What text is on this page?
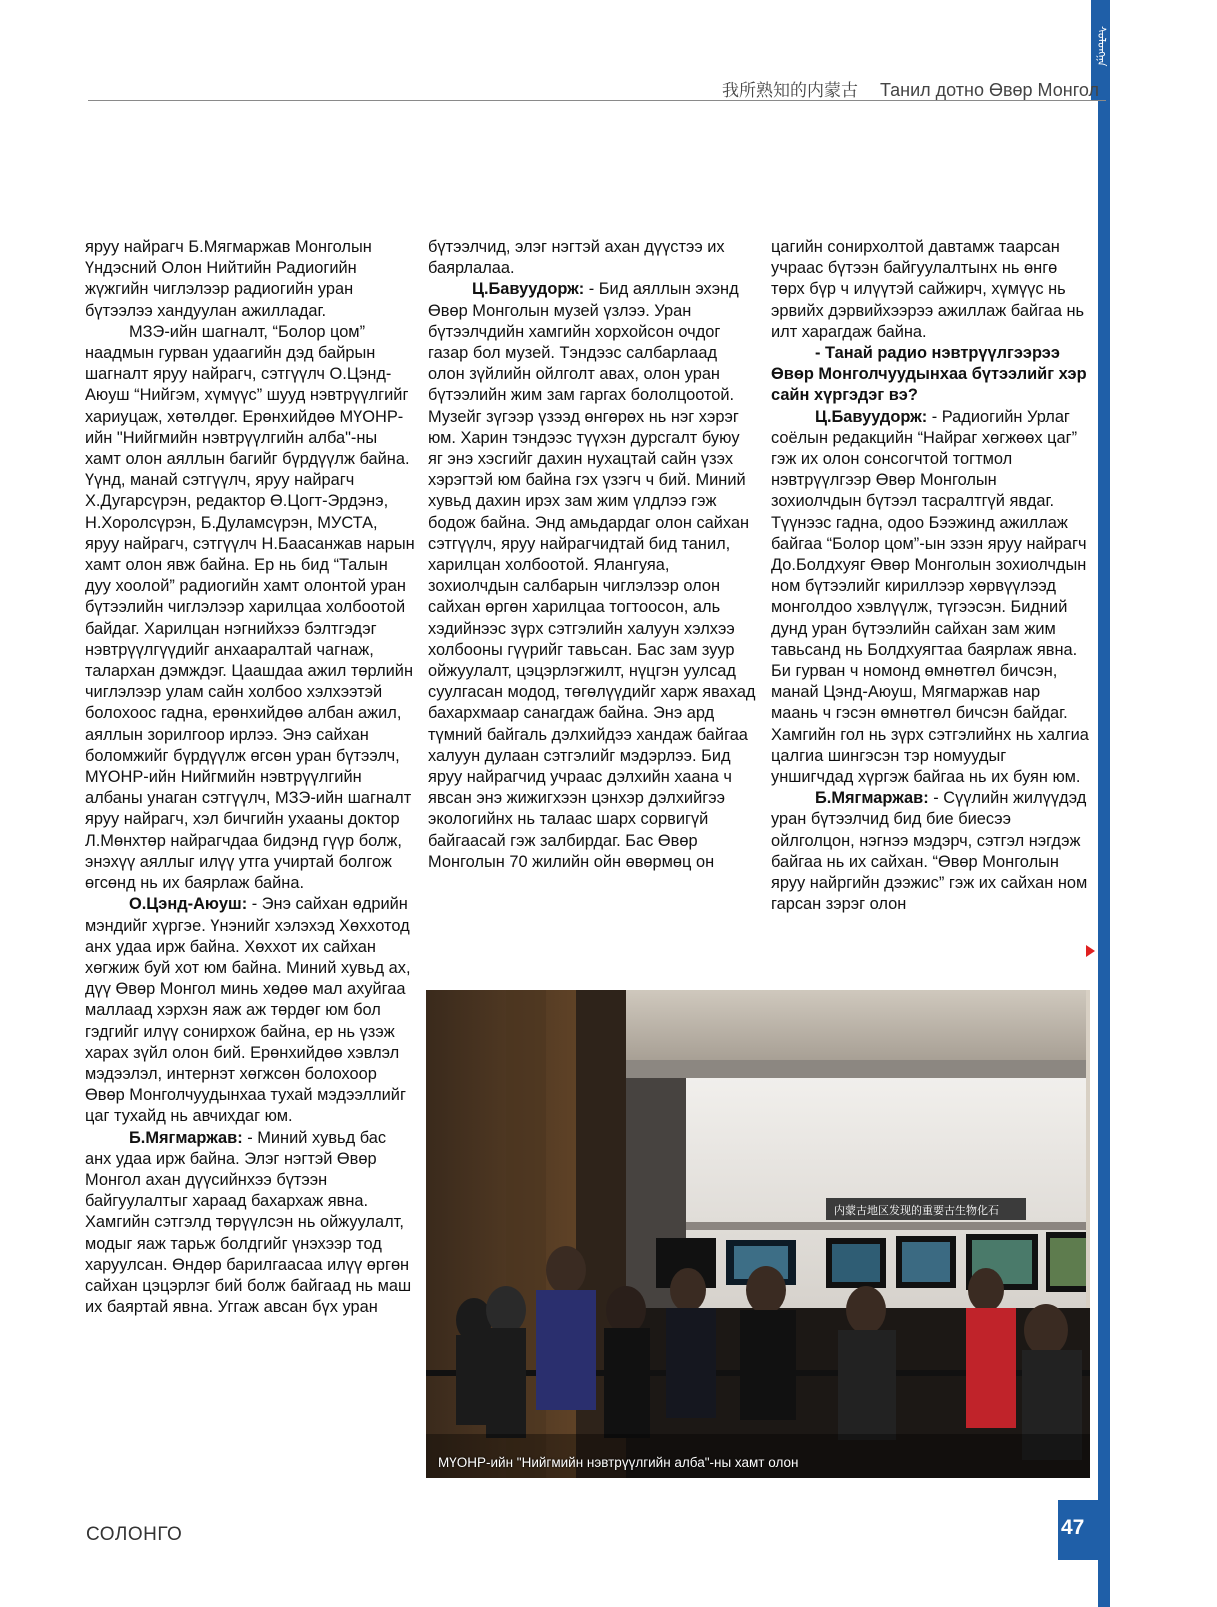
ᠰᠣᠯᠣᠩᠭᠠ
我所熟知的内蒙古 Танил дотно Өвөр Монгол

яруу найрагч Б.Мягмаржав Монголын Үндэсний Олон Нийтийн Радиогийн жүжгийн чиглэлээр радиогийн уран бүтээлээ хандуулан ажилладаг.

МЗЭ-ийн шагналт, “Болор цом” наадмын гурван удаагийн дэд байрын шагналт яруу найрагч, сэтгүүлч О.Цэнд-Аюуш “Нийгэм, хүмүүс” шууд нэвтрүүлгийг хариуцаж, хөтөлдөг. Ерөнхийдөө МҮОНР-ийн "Нийгмийн нэвтрүүлгийн алба"-ны хамт олон аяллын багийг бүрдүүлж байна. Үүнд, манай сэтгүүлч, яруу найрагч Х.Дугарсүрэн, редактор Ө.Цогт-Эрдэнэ, Н.Хоролсүрэн, Б.Дуламсүрэн, МУСТА, яруу найрагч, сэтгүүлч Н.Баасанжав нарын хамт олон явж байна. Ер нь бид “Талын дуу хоолой” радиогийн хамт олонтой уран бүтээлийн чиглэлээр харилцаа холбоотой байдаг. Харилцан нэгнийхээ бэлтгэдэг нэвтрүүлгүүдийг анхааралтай чагнаж, талархан дэмждэг. Цаашдаа ажил төрлийн чиглэлээр улам сайн холбоо хэлхээтэй болохоос гадна, ерөнхийдөө албан ажил, аяллын зорилгоор ирлээ. Энэ сайхан боломжийг бүрдүүлж өгсөн уран бүтээлч, МҮОНР-ийн Нийгмийн нэвтрүүлгийн албаны унаган сэтгүүлч, МЗЭ-ийн шагналт яруу найрагч, хэл бичгийн ухааны доктор Л.Мөнхтөр найрагчдаа бидэнд гүүр болж, энэхүү аяллыг илүү утга учиртай болгож өгсөнд нь их баярлаж байна.

О.Цэнд-Аюуш: - Энэ сайхан өдрийн мэндийг хүргэе. Үнэнийг хэлэхэд Хөххотод анх удаа ирж байна. Хөххот их сайхан хөгжиж буй хот юм байна. Миний хувьд ах, дүү Өвөр Монгол минь хөдөө мал ахуйгаа маллаад хэрхэн яаж аж төрдөг юм бол гэдгийг илүү сонирхож байна, ер нь үзэж харах зүйл олон бий. Ерөнхийдөө хэвлэл мэдээлэл, интернэт хөгжсөн болохоор Өвөр Монголчуудынхаа тухай мэдээллийг цаг тухайд нь авчихдаг юм.

Б.Мягмаржав: - Миний хувьд бас анх удаа ирж байна. Элэг нэгтэй Өвөр Монгол ахан дүүсийнхээ бүтээн байгуулалтыг хараад бахархаж явна. Хамгийн сэтгэлд төрүүлсэн нь ойжуулалт, модыг яаж тарьж болдгийг үнэхээр тод харуулсан. Өндөр барилгаасаа илүү өргөн сайхан цэцэрлэг бий болж байгаад нь маш их баяртай явна. Уггаж авсан бүх уран

бүтээлчид, элэг нэгтэй ахан дүүстээ их баярлалаа.

Ц.Бавуудорж: - Бид аяллын эхэнд Өвөр Монголын музей үзлээ. Уран бүтээлчдийн хамгийн хорхойсон очдог газар бол музей. Тэндээс салбарлаад олон зүйлийн ойлголт авах, олон уран бүтээлийн жим зам гаргах бололцоотой. Музейг зүгээр үзээд өнгөрөх нь нэг хэрэг юм. Харин тэндээс түүхэн дурсгалт буюу яг энэ хэсгийг дахин нухацтай сайн үзэх хэрэгтэй юм байна гэх үзэгч ч бий. Миний хувьд дахин ирэх зам жим үлдлээ гэж бодож байна. Энд амьдардаг олон сайхан сэтгүүлч, яруу найрагчидтай бид танил, харилцан холбоотой. Ялангуяа, зохиолчдын салбарын чиглэлээр олон сайхан өргөн харилцаа тогтоосон, аль хэдийнээс зүрх сэтгэлийн халуун хэлхээ холбооны гүүрийг тавьсан. Бас зам зуур ойжуулалт, цэцэрлэгжилт, нүцгэн уулсад суулгасан модод, төгөлүүдийг харж явахад бахархмаар санагдаж байна. Энэ ард түмний байгаль дэлхийдээ хандаж байгаа халуун дулаан сэтгэлийг мэдэрлээ. Бид яруу найрагчид учраас дэлхийн хаана ч явсан энэ жижигхээн цэнхэр дэлхийгээ экологийнх нь талаас шарх сорвигүй байгаасай гэж залбирдаг. Бас Өвөр Монголын 70 жилийн ойн өвөрмөц он

цагийн сонирхолтой давтамж таарсан учраас бүтээн байгуулалтынх нь өнгө төрх бүр ч илүүтэй сайжирч, хүмүүс нь эрвийх дэрвийхээрээ ажиллаж байгаа нь илт харагдаж байна.

- Танай радио нэвтрүүлгээрээ Өвөр Монголчуудынхаа бүтээлийг хэр сайн хүргэдэг вэ?

Ц.Бавуудорж: - Радиогийн Урлаг соёлын редакцийн “Найраг хөгжөөх цаг” гэж их олон сонсогчтой тогтмол нэвтрүүлгээр Өвөр Монголын зохиолчдын бүтээл тасралтгүй явдаг. Түүнээс гадна, одоо Бээжинд ажиллаж байгаа “Болор цом”-ын эзэн яруу найрагч До.Болдхуяг Өвөр Монголын зохиолчдын ном бүтээлийг кириллээр хөрвүүлээд монголдоо хэвлүүлж, түгээсэн. Бидний дунд уран бүтээлийн сайхан зам жим тавьсанд нь Болдхуягтаа баярлаж явна. Би гурван ч номонд өмнөтгөл бичсэн, манай Цэнд-Аюуш, Мягмаржав нар маань ч гэсэн өмнөтгөл бичсэн байдаг. Хамгийн гол нь зүрх сэтгэлийнх нь халгиа цалгиа шингэсэн тэр номуудыг уншигчдад хүргэж байгаа нь их буян юм.

Б.Мягмаржав: - Сүүлийн жилүүдэд уран бүтээлчид бид бие биесээ ойлголцон, нэгнээ мэдэрч, сэтгэл нэгдэж байгаа нь их сайхан. “Өвөр Монголын яруу найргийн дээжис” гэж их сайхан ном гарсан зэрэг олон

内蒙古地区发现的重要古生物化石
МҮОНР-ийн "Нийгмийн нэвтрүүлгийн алба"-ны хамт олон
СОЛОНГО	47
